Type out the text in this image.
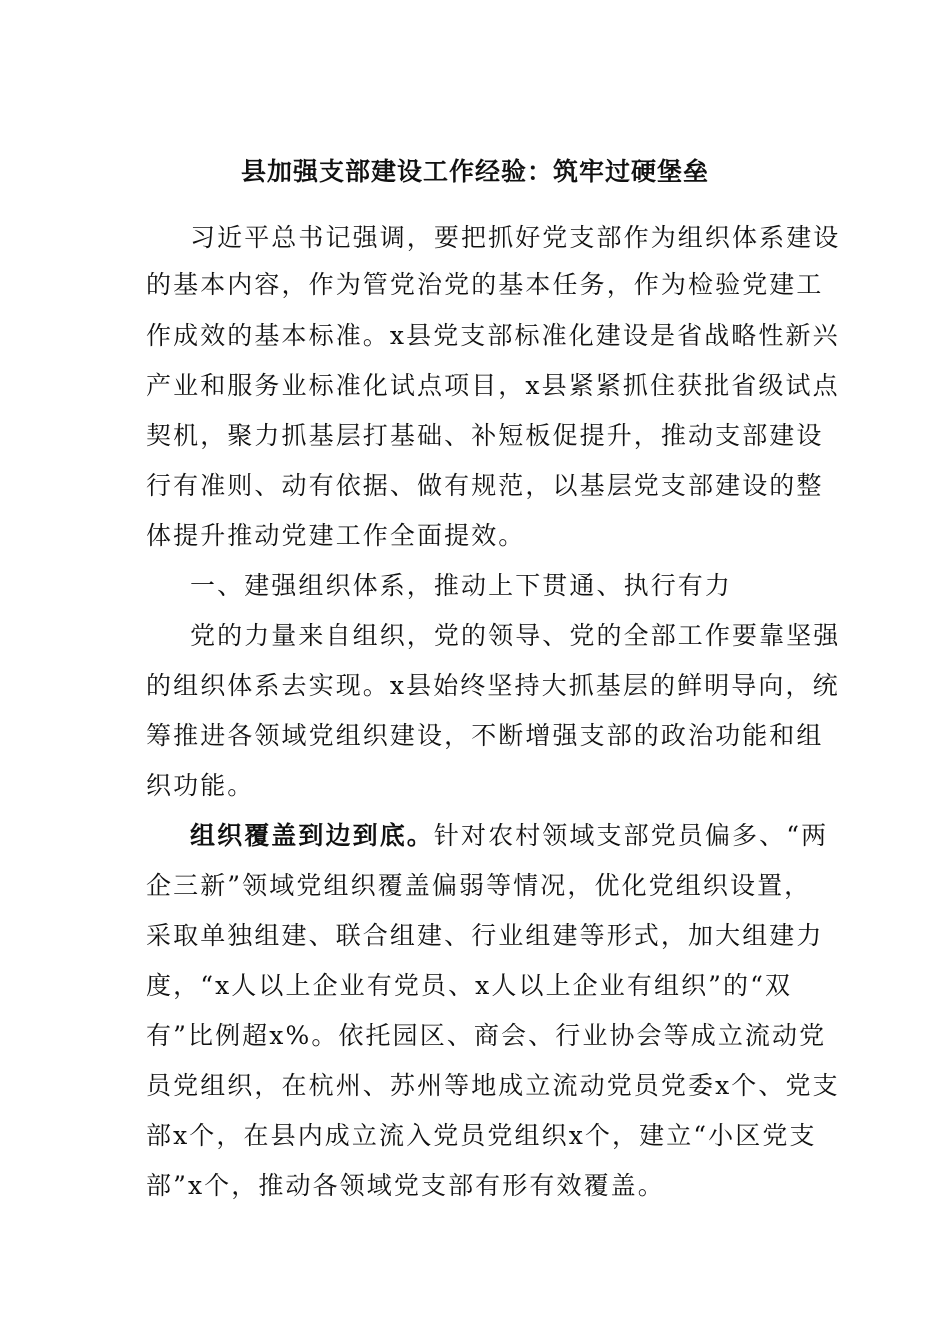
县加强支部建设工作经验：筑牢过硬堡垒
习近平总书记强调，要把抓好党支部作为组织体系建设
的基本内容，作为管党治党的基本任务，作为检验党建工
作成效的基本标准。x县党支部标准化建设是省战略性新兴
产业和服务业标准化试点项目，x县紧紧抓住获批省级试点
契机，聚力抓基层打基础、补短板促提升，推动支部建设
行有准则、动有依据、做有规范，以基层党支部建设的整
体提升推动党建工作全面提效。
一、建强组织体系，推动上下贯通、执行有力
党的力量来自组织，党的领导、党的全部工作要靠坚强
的组织体系去实现。x县始终坚持大抓基层的鲜明导向，统
筹推进各领域党组织建设，不断增强支部的政治功能和组
织功能。
组织覆盖到边到底。针对农村领域支部党员偏多、“两
企三新”领域党组织覆盖偏弱等情况，优化党组织设置，
采取单独组建、联合组建、行业组建等形式，加大组建力
度，“x人以上企业有党员、x人以上企业有组织”的“双
有”比例超x%。依托园区、商会、行业协会等成立流动党
员党组织，在杭州、苏州等地成立流动党员党委x个、党支
部x个，在县内成立流入党员党组织x个，建立“小区党支
部”x个，推动各领域党支部有形有效覆盖。
